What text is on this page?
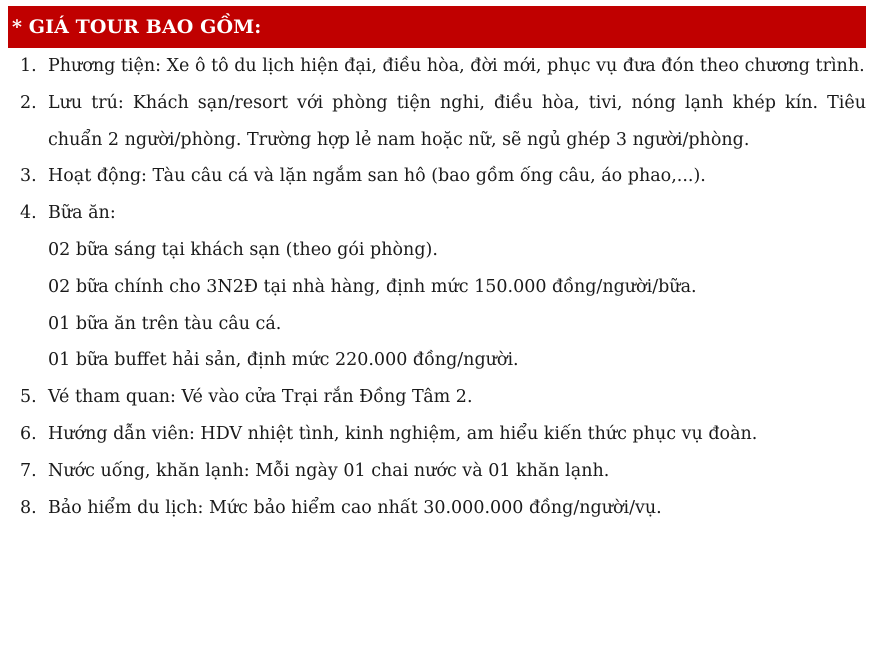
* GIÁ TOUR BAO GỒM:
1. Phương tiện: Xe ô tô du lịch hiện đại, điều hòa, đời mới, phục vụ đưa đón theo chương trình.
2. Lưu trú: Khách sạn/resort với phòng tiện nghi, điều hòa, tivi, nóng lạnh khép kín. Tiêu chuẩn 2 người/phòng. Trường hợp lẻ nam hoặc nữ, sẽ ngủ ghép 3 người/phòng.
3. Hoạt động: Tàu câu cá và lặn ngắm san hô (bao gồm ống câu, áo phao,...).
4. Bữa ăn:
02 bữa sáng tại khách sạn (theo gói phòng).
02 bữa chính cho 3N2Đ tại nhà hàng, định mức 150.000 đồng/người/bữa.
01 bữa ăn trên tàu câu cá.
01 bữa buffet hải sản, định mức 220.000 đồng/người.
5. Vé tham quan: Vé vào cửa Trại rắn Đồng Tâm 2.
6. Hướng dẫn viên: HDV nhiệt tình, kinh nghiệm, am hiểu kiến thức phục vụ đoàn.
7. Nước uống, khăn lạnh: Mỗi ngày 01 chai nước và 01 khăn lạnh.
8. Bảo hiểm du lịch: Mức bảo hiểm cao nhất 30.000.000 đồng/người/vụ.
